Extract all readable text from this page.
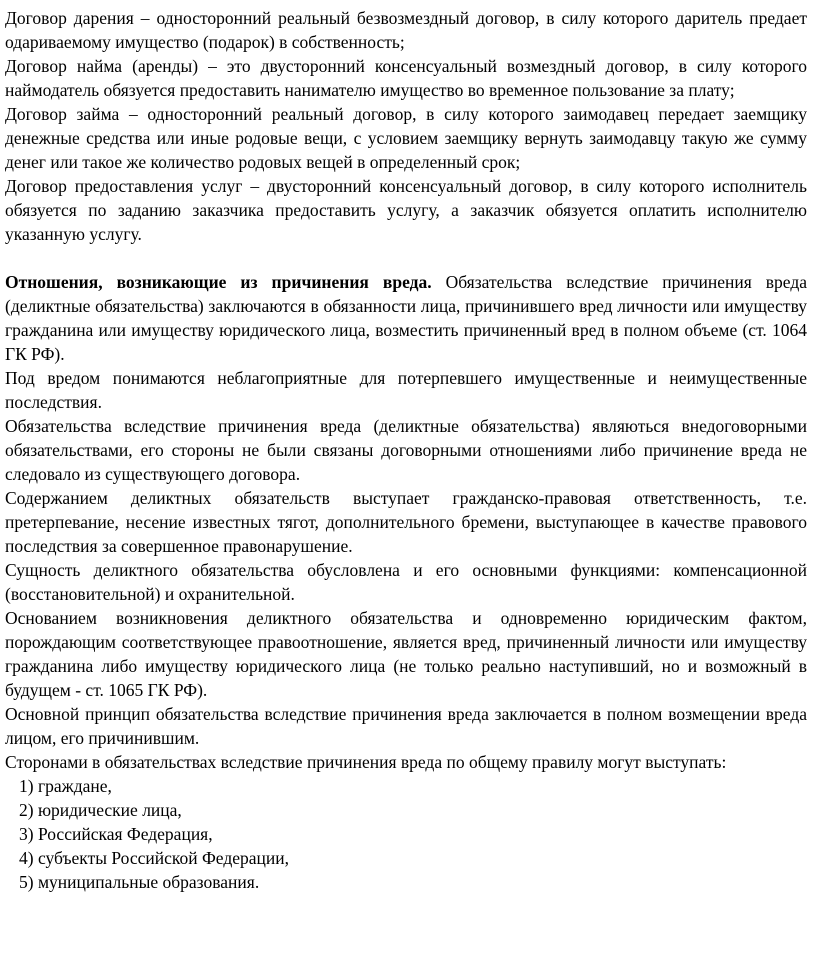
Договор дарения – односторонний реальный безвозмездный договор, в силу которого даритель предает одариваемому имущество (подарок) в собственность;

Договор найма (аренды) – это двусторонний консенсуальный возмездный договор, в силу которого наймодатель обязуется предоставить нанимателю имущество во временное пользование за плату;

Договор займа – односторонний реальный договор, в силу которого заимодавец передает заемщику денежные средства или иные родовые вещи, с условием заемщику вернуть заимодавцу такую же сумму денег или такое же количество родовых вещей в определенный срок;

Договор предоставления услуг – двусторонний консенсуальный договор, в силу которого исполнитель обязуется по заданию заказчика предоставить услугу, а заказчик обязуется оплатить исполнителю указанную услугу.

Отношения, возникающие из причинения вреда. Обязательства вследствие причинения вреда (деликтные обязательства) заключаются в обязанности лица, причинившего вред личности или имуществу гражданина или имуществу юридического лица, возместить причиненный вред в полном объеме (ст. 1064 ГК РФ).

Под вредом понимаются неблагоприятные для потерпевшего имущественные и неимущественные последствия.

Обязательства вследствие причинения вреда (деликтные обязательства) являються внедоговорными обязательствами, его стороны не были связаны договорными отношениями либо причинение вреда не следовало из существующего договора.

Содержанием деликтных обязательств выступает гражданско-правовая ответственность, т.е. претерпевание, несение известных тягот, дополнительного бремени, выступающее в качестве правового последствия за совершенное правонарушение.

Сущность деликтного обязательства обусловлена и его основными функциями: компенсационной (восстановительной) и охранительной.

Основанием возникновения деликтного обязательства и одновременно юридическим фактом, порождающим соответствующее правоотношение, является вред, причиненный личности или имуществу гражданина либо имуществу юридического лица (не только реально наступивший, но и возможный в будущем - ст. 1065 ГК РФ).

Основной принцип обязательства вследствие причинения вреда заключается в полном возмещении вреда лицом, его причинившим.

Сторонами в обязательствах вследствие причинения вреда по общему правилу могут выступать:

1) граждане,

2) юридические лица,

3) Российская Федерация,

4) субъекты Российской Федерации,

5) муниципальные образования.
